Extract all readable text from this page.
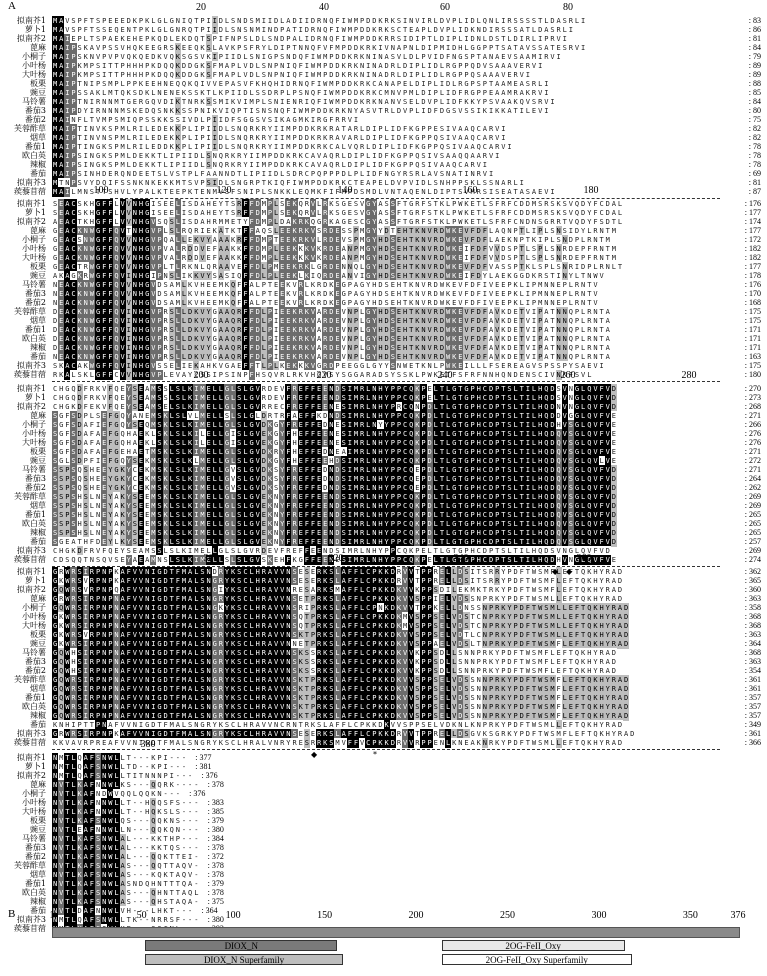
A	20	40	60	80
拟南芥1 M A V S P F T S P E E E D K P K L G L G N I Q T P I I D L S N D S M I I D L A D I I D R N Q F I W M P D D K R K S I N V I R L D V P L I D L Q N L I R S S S S T L D A S R L I	: 83
萝卜1 M A V S P F T S S E Q E N T P K L G L G N R Q T P I I D L S N S N M I N D P A T I D R N Q F I W M P D D K R K S C T E A P L D V P L I D K N D I R S S S A T L D A S R L I	: 86
拟南芥2 M A I E P L T S P A E K E H E P K Q D L E K D Q T S P I F N P S L D L S N D P A L I D R N Q F I W M P D D K R R S I D I P T L D I P L I D N L D S T L D I R L I P R V I	: 81
蓖麻 M A I P S K A V P S S V H Q K E E G R S K E E Q K S L A V K P S F R Y L D I P T N N Q F V F M P D D K R K I V N A P N L D I P M I D H L G G P P T S A T A V S S A T E S R V I	: 84
小桐子 M A I P S K N V P V P V Q K Q E D K V Q K S G S V K I P I I D L S N I G P S N D Q F I W M P D D K R K N I N A S V L D L P V I D F N G S P T A N A E V S A A M I R V I	: 79
小叶杨 M A I P K M P S I T T P H H H P K D Q Q K D D G K S F M A P L V D L S N P N I Q F I W M P D D K R K N I N A D R L D I P L I D L R G P P Q D V S A A A V E R V I	: 89
大叶杨 M A I P K M P S I T T P H H H P K D Q Q K D D G K S F M A P L V D L S N P N I Q F I W M P D D K R K N I N A D R L D I P L I D L R G P P Q S A A A V E R V I	: 89
板栗 M A I P T N I P S M P L P P K E E H N E Q Q K Q I V V E P A S V F K H Q H I D R N Q F I W M P D D K R K C A N A P E L D I P L I D L R G P S P T A A M E A S R L I	: 88
豌豆 M A I P S S A K L M T Q K S D K L N E N E K S S K T L K P I I D L S S D R P L P S N Q F I W M P D D K R K C M N V P M L D I P L I D F R G P P E A A M R A K R V I	: 85
马铃薯 M A I P T N I R N N M T G E R G Q V D I K T N R K S S M I K V I M P L S N I E N R I Q F I W M P D D K R K N A N V S E L D V P L I D F K K Y P S V A A K Q V S R V I	: 84
番茄3 M A I P D Y I R N N N M S K E D Q S N K K S S P N I K V I Q P T I S N S N Q F I W M P D D K R K N Y A S V T R L D V P L I D F D G S V S S I K I K K A T I L E V I	: 80
番茄2 M A I N F L T V M P S M I Q P S S K K S S I V D L P I I D F S G G S V S I K A G M K I R G F R R V I	: 75
芙蓉酢草 M A I P T I N V K S P M L R I L E D E K K P L I P I I D L S N Q R K R Y I I M P D D K R K R A T A R L D I P L I D F K G P P E S I V A A Q C A R V I	: 82
烟草 M A I P T I N V N S P M L R I L E D E K K P L I P I I D L S N Q R K R Y I I M P D D K R K R A V A R L D I P L I D F K G P P Q S I V A A Q C A R V I	: 82
番茄1 M A I P T I N G K S P M L R I L E D D K K P L I P I I D L S N Q R K R Y I I M P D D K R K C A L V Q R L D I P L I D F K G P P Q S I V A A Q C A R V I	: 78
欧白英 M A I P S I N G K S P M L D E K K T L I P I I D L S N Q R K R Y I I M P D D K R K C A V A Q R L D I P L I D F K G P P Q S I V S A A Q Q A A R V I	: 78
辣椒 M A I P S I N G K S P M L D E K K T L I P I I D L S N Q R K R Y I I M P D D K R K C A V A Q R L D I P L I D F K G P P Q S I V A A Q C A R V I	: 78
番茄 M A I P S I N H D E R Q N D E E T S L V S T P L F A A N N D T L I P I I D L S D R C P Q P P P D L P L I D F N G Y R S R L A V S N A T I N R V I	: 69
拟南芥3 M T N P S V Y D Q I F S S N K N K E K K M T S V P S I D L S N G R P T K I Q F I W M P D D K R K C T E A P E L D V P V I D L S N H P P S K L S S N A R L I	: 81
蒺藜苜蓿 M A I L M N S T T S H V L Y P A L K T E E P K T E N M V S F S N I P L S N K K L E Q M K F I F M P D S M D L V N T A Q E N L D I P T S V M R S I S E A T A S A E V I	: 87
100	120	140	160	180
拟南芥1 S E A C S K H G F F L V V N H G I S E E L I S D A H E Y T S R F F D M P L S E K Q R V L R K S G E S V G Y A S S F T G R F S T K L P W K E T L S F R F C D D M S R S K S V Q D Y F C D A L	: 176
萝卜1 S E A C S K H G F F L V V N H G I S E E L I S D A H E Y T S R F F D M P L S E K Q R V L R K S G E S V G Y A S S F T G R F S T K L P W K E T L S F R F C D D M S R S K S V Q D Y F C D A L	: 177
拟南芥2 A E A C T K H G F F L V V N H G V S Q S L I S D A H R M M E T Y F D M P L D A K R K Q G R K A G E S C G Y A S S F T G R F S T K L P W K E T L S F R F C N D N S G R R T V Q D Y F S D T L	: 174
蓖麻 G E A C K N W G F F Q V T N H G V P L S L R Q R I E K A T K T F F A Q S L E E K R K V S R D E S S P M G Y Y D T E H T K N V R D W K E V F D F L A Q N P T L I P L S N S I D Y L R N T M	: 177
小桐子 G E A C S N W G F F Q V V N H G V P Q A L L E K V Y A A A K R F F D M P T E E K R K V L R D E V S P M G Y H D S E H T K N V R D W K E V F D F L A E K N P T K I P L S N D P L R N T M	: 172
小叶杨 G E A C K N W G F F Q V V N H G V P V A L R D D V E F A A K K F F D M P L E E K K K V K R D E A N P M G Y H D S E H T K N V R D W K E I F D F V V D S P T L S P L S N R D E P F R N T M	: 182
大叶杨 G E A C K N W G F F Q V V N H G V P V A L R D D V E F A A K K F F D M P L E E K K K V K R D E A N P M G Y H D S E H T K N V R D W K E I F D F V V D S P T L S P L S N R D E P F R N T M	: 182
板栗 G E A C T R W G F F Q V V N H G V P L T L R K N L Q R A A V E F F D L P M E E K R K L G R D E N N Q L G Y H D S E H T K N V R D W K E V F D F V A S S P T K L S P L S N R I D P L R N L T	: 177
豌豆 A K A G K R W G F F Q V I N H G I P N S L I K K V Y S A S I Q F F D L P L E E K L K I Q R D E A N V I G Y H D S E H T K N V R D W K E I F D Y L A E K G G D K R S T I N Y L T N W V	: 178
马铃薯 N E A C K N W G F F Q V V N H G V D S A M L K V H E E M K Q F F A L P T E E K V R L K R D K E G P A G Y H D S E H T K N V R D W K E V F D F I V E E P K L I P M N N E P L R N T V	: 176
番茄3 N E A C K N W G F F Q V V N H G V D S A M L K V H E E M K Q F F A L P T E E K V R L K R D K E G P A G Y H D S E H T K N V R D W K E V F D F I V E E P K L I P M N N E P L R N T V	: 170
番茄2 N E A C K N W G F F Q V V N H G V D S A M L K V H E E M K Q F F A L P T E E K V R L K R D K E G P A G Y H D S E H T K N V R D W K E V F D F I V E E P K L I P M N N E P L R N T V	: 168
芙蓉酢草 D E A C K N W G F F Q V I N H G V P R S L L D K V Y G A A Q R F F D L P I E E K R K V A R D E V N P L G Y H D S E H T K N V R D W K E V F D F A V K D E T V I P A T N N Q P L R N T A	: 175
烟草 D E A C K N W G F F Q V I N H G V P R S L L D K V Y G A A Q R F F D L P I E E K R K V A R D E V N P L G Y H D S E H T K N V R D W K E V F D F A V K D E T V I P A T N N Q P L R N T A	: 175
番茄1 D E A C K N W G F F Q V I N H G V P R S L L D K V Y G A A Q R F F D L P I E E K R K V A R D E V N P L G Y H D S E H T K N V R D W K E V F D F A V K D E T V I P A T N N Q P L R N T A	: 171
欧白英 D E A C K N W G F F Q V I N H G V P R S L L D K V Y G A A Q R F F D L P I E E K R K V A R D E V N P L G Y H D S E H T K N V R D W K E V F D F A V K D E T V I P A T N N Q P L R N T A	: 171
辣椒 D E A C K N W G F F Q V I N H G V P R S L L D K V Y G A A Q R F F D L P I E E K R K V A R D E V N P L G Y H D S E H T K N V R D W K E V F D F A V K D E T V I P A T N N Q P L R N T A	: 171
番茄 N E A C K N W G F F Q V I N H G V P R S L L D K V Y G A A Q R F F D L P I E E K R K V A R D E V N P L G Y H D S E H T K N V R D W K E V F D F A V K D E T V I P A T N N Q P L R N T A	: 163
拟南芥3 S K A C A K W G F F Q V I N H G V S S E L I E K A H K V G A E F F T L P L K E K K K V G R D P E E G G L G Y Y S N W E T K N L P W K E I L L L F S E R E A G V S P S S P Y S A E V I	: 175
蒺藜苜蓿 R K A L S K L G F F C V V N H G V P L E V A Y C S S I P S I N P F H S Q V R L R K V H G V S Y S G G A R A D S Y S S K L P W K E T F S F R F N N H Q N D E N S C I V N K F S V L	: 180
200	220	240	260	280
拟南芥1 C H G Q D F R K V F Q E Y S E A M S S L S L K I M E L L G L S L G V R D E V F R E F F E E N D S I M R L N H Y P P C Q K P E L T L G T G P H C D P T S L T I L H Q D S V N G L Q V F V D	: 270
萝卜1 C H G Q D F R K V F Q E Y S E A M S S L S L K I M E L L G L S L G V R D E V F R E F F E E N D S I M R L N H Y P P C Q K P E L T L G T G P H C D P T S L T I L H Q D S V N G L Q V F V D	: 273
拟南芥2 C H G K D F E K V F Q E Y S E A M S E L S L K I M E L L G L S L G V R R E C F R E F F E E N E S I M R L N H Y P R C Q N P D L T L G T G P H C D P T S L T I L H Q D N V N G L Q V F V D	: 268
蓖麻 S G F S D P L S E F G Q Y A N E M S K L S L V L M E L L S L S L G L D R T R F A E F F K D N D S I M R L N H Y P P C Q K P D L T L G T G P H C D P T S L T I L H Q D D V G G L Q V F V E	: 271
小桐子 S G F S D A F I E F G Q Y S E Q M S K L S L K I M E L L G L S L G V D K G Y F R E F F E D N E S I M R L N Y Y P P C Q K P D L T L G T G P H C D P T S L T I L H Q D H V S G L Q V F V E	: 266
小叶杨 S G F S D A F A E F G Q H A E K L S K L S L K I L E L L G I S L G V E K G Y F H E F F E E N E S I M R L N H Y P P C Q K P D L T L G T G P H C D P T S L T I L H Q D Q V S G L Q V F V E	: 276
大叶杨 S G F S D A F A E F G Q H A E K L S K L S L K I L E L L G I S L G V E K G Y F H E F F E E N E S I M R L N H Y P P C Q K P D L T L G T G P H C D P T S L T I L H Q D Q V S G L Q V F V E	: 276
板栗 S G F S D A F A E F G E H A E T M S K L S L K I M E L L G L S L G V D K R Y F H E F F E D N E A I M R L N H Y P P C Q K P D L T L G T G P H C D P T S L T I L H Q D Q V S G L Q V F V E	: 271
豌豆 S G L S D P F I E F G Q Y S E K M S K L S L K L M E L L G L S L G V D K G Y F H E F F E E H D S I M R L N H Y P P C Q K P D L T L G T G P H C D P T S L T I L H Q D Q V S G L Q V L V E	: 272
马铃薯 S S P S Q S H E E Y G K Y C E K M S K L S L K I M E L L G V S L G V D K S Y F R E F F E D N D S I M R L N H Y P P C Q E P D L T L G T G P H C D P T S L T I L H Q D Q V S G L Q V F V D	: 271
番茄3 S S P S Q S H E E Y G K Y C E K M S K L S L K I M E L L G V S L G V D K S Y F R E F F E D N D S I M R L N H Y P P C Q E P D L T L G T G P H C D P T S L T I L H Q D Q V S G L Q V F V D	: 264
番茄2 S S P S Q S H E E Y G K Y C E K M S K L S L K I M E L L G V S L G V D K S Y F R E F F E D N D S I M R L N H Y P P C Q E P D L T L G T G P H C D P T S L T I L H Q D Q V S G L Q V F V D	: 262
芙蓉酢草 S S P S H S L N E Y A K Y S E E M S K L S L K I M E L L G L S L G V E K N Y F R E F F E E N D S I M R L N H Y P P C Q K P D L T L G T G P H C D P T S L T I L H Q D Q V S G L Q V F V D	: 269
烟草 S S P S H S L N E Y A K Y S E E M S K L S L K I M E L L G L S L G V E K N Y F R E F F E E N D S I M R L N H Y P P C Q K P D L T L G T G P H C D P T S L T I L H Q D Q V S G L Q V F V D	: 269
番茄1 S S P S H S L N E Y A K Y S E E M S K L S L K I M E L L G L S L G V E K N Y F R E F F E E N D S I M R L N H Y P P C Q K P D L T L G T G P H C D P T S L T I L H Q D Q V S G L Q V F V D	: 265
欧白英 S S P S H S L N E Y A K Y S E E M S K L S L K I M E L L G L S L G V E K N Y F R E F F E E N D S I M R L N H Y P P C Q K P D L T L G T G P H C D P T S L T I L H Q D Q V S G L Q V F V D	: 265
辣椒 S S P S H S L N E Y A K Y S E E M S K L S L K I M E L L G L S L G V E K N Y F R E F F E E N D S I M R L N H Y P P C Q K P D L T L G T G P H C D P T S L T I L H Q D Q V S G L Q V F V D	: 265
番茄 S G E A T H F D E Y L K Y S E E M S K L S L K I M E L L G L S L G V E K N Y F R E F F E E N D S I M R L N H Y P P C Q K P D L T L G T G P H C D P T S L T I L H Q D Q V S G L Q V F V D	: 257
拟南芥3 C H G K D F R V F Q E Y S E A M S S L S L K I M E L L G L S L G V R D E V F R E F F E E N D S I M R L N H Y P P C Q K P E L T L G T G P H C D P T S L T I L H Q D S V N G L Q V F V D	: 269
蒺藜苜蓿 C D S Q Q T N S Q V S E Y A E A M N S L S L K I M E L L S L S L G V S K E H F K G F F E E N E S I M R L N H Y P P C Q K P E L T L G T G P H C D P T S L T I L H Q D H V N G L Q V F V E	: 274
300	320	340	360
拟南芥1 G R W R S I R P N P K A F V V N I G D T F M A L S N D R Y K S C L H R A V V N S E S E R K S L A F F L C P K K D R V V T P P R E L L D S I T S R R Y P D F T W S M F L E F T Q K H Y R A D	: 362
萝卜1 G K W R S V R P N P K A F V V N I G D T F M A L S N G R Y K S C L H R A V V N S E S E R K S L A F F L C P K K D R V V T P P R E L L D S I T S R R Y P D F T W S M F L E F T Q K H Y R A D	: 365
拟南芥2 G Q W R S V R P N P Q A F V V N I G D T F M A L S N G I Y K S C L H R A V V N R E S A R K S M A F F L C P K K D K V V K P P S D I L E K M K T R K Y P D F T W S M F L E F T Q K H Y R A D	: 360
蓖麻 G R W R S I R P N P N A F V V N I G D T F M A L S N G R Y K S C L H R A V V N S E T P R K S L A F F L C P K K D K V V S P P I E L V D S S N P R K Y P D F T W S M L L E F T Q K H Y R A D	: 363
小桐子 G Q W R S I R P N P N A F V V N I G D T F M A L S N G K Y K S C L H R A V V N S R I P R K S L A F F L C P N K D K V V T P P K E L L D N S S N P R K Y P D F T W S M L L E F T Q K H Y R A D	: 358
小叶杨 G K W R S I R P N P N A F V V N I G D T F M A L S N G R Y K S C L H R A V V N S Q T P R K S L A F F L C P K K D K M V S P P S E L V D S T C N P R K Y P D F T W S M L L E F T Q K H Y R A D	: 368
大叶杨 G K W R S I R P N P N A F V V N I G D T F M A L S N G R Y K S C L H R A V V N S Q T P R K S L A F F L C P K K D K M V S P P S E L V D S T C N P R K Y P D F T W S M L L E F T Q K H Y R A D	: 368
板栗 G K W R S V R P N P N A F V V N I G D T F M A L S N G R Y K S C L H R A V V N S K T P R K S L A F F L C P K K D K V V S P P S E L V D T L C N P R K Y P D F T W S M L L E F T Q K H Y R A D	: 363
豌豆 G K W R S I R P N P N A F V V N I G D T F M A L S N G R Y K S C L H R A V V N N E T P R K S L A F F L C P K K D K V V S P P A E L V D S L T N P R K Y P D F T W S M F L E F T Q K H Y R A D	: 364
马铃薯 G Q W H S I R P N P N A F V V N I G D T F M A L S N G R Y K S C L H R A V V N S K S S R K S L A F F L C P K K D K V V K P P S D L L S N N P R K Y P D F T W S M F L E F T Q K H Y R A D	: 368
番茄3 G Q W H S I R P N P N A F V V N I G D T F M A L S N G R Y K S C L H R A V V N S K S S R K S L A F F L C P K K D K V V K P P S D L L S N N P R K Y P D F T W S M F L E F T Q K H Y R A D	: 363
番茄2 G Q W H S I R P N P N A F V V N I G D T F M A L S N G R Y K S C L H R A V V N S K S S R K S L A F F L C P K K D K V V K P P S D L L S N N P R K Y P D F T W S M F L E F T Q K H Y R A D	: 354
芙蓉酢草 G Q W R S I R P N P N A F V V N I G D T F M A L S N G R Y K S C L H R A V V N S K T P R K S L A F F L C P K K D K V V S P P S E L V D S S N N P R K Y P D F T W S M F L E F T Q K H Y R A D	: 361
烟草 G Q W R S I R P N P N A F V V N I G D T F M A L S N G R Y K S C L H R A V V N S K T P R K S L A F F L C P K K D K V V S P P S E L V D S S N N P R K Y P D F T W S M F L E F T Q K H Y R A D	: 361
番茄1 G Q W R S I R P N P N A F V V N I G D T F M A L S N G R Y K S C L H R A V V N S K T P R K S L A F F L C P K K D K V V S P P S E L V D S S N N P R K Y P D F T W S M F L E F T Q K H Y R A D	: 357
欧白英 G Q W R S I R P N P N A F V V N I G D T F M A L S N G R Y K S C L H R A V V N S K T P R K S L A F F L C P K K D K V V S P P S E L V D S S N N P R K Y P D F T W S M F L E F T Q K H Y R A D	: 357
辣椒 G Q W R S I R P N P N A F V V N I G D T F M A L S N G R Y K S C L H R A V V N S K T P R K S L A F F L C P K K D K V V S P P S E L V D S S N N P R K Y P D F T W S M F L E F T Q K H Y R A D	: 357
番茄 K N H I P T T P N A F V V N I G D T F M A L S N G R Y K S C L H R A V V N C R N T R K S L A F F L C P K K D K V V S P P S E L V D K N L K N P R K Y P D F T W S M L L E F T Q K H Y R A D	: 349
拟南芥3 G R W R S I R P N P K A F V V N I G D T F M A L S N G R Y K S C L H R A V V N S E S E R K S L A F F L C P K K D R V V T P P R E L L D S G V K S G R K Y P D F T W S M F L E F T Q K H Y R A D	: 361
蒺藜苜蓿 K K V A V R P R E A F V V N I G D T F M A L S N G R Y K S C L H R A L V N R Y R E S R R K S M V F F V C P K K D R V V R P P E N L K N E A K N R K Y P D F T W S M L L E F T Q K H Y R A D	: 366
380
拟南芥1 N M T L Q A F S N W L L T - - - K P I - - - : 377
萝卜1 N M T L Q A F S N W L L T D - - K P I - - - : 381
拟南芥2 N M T L Q A F S N W L L T I T N N N P I - - - : 376
蓖麻 N V T L K A F N N W L K S - - - Q Q R K - - - - : 378
小桐子 N V T L K A F N D W V Q Q L Q Q K N - - - : 376
小叶杨 N V T L K A F N N W L L T - - H Q Q S F S - - - : 383
大叶杨 N V T L K A F N N W L L T - - H Q K S L S - - - : 385
板栗 N V T L K A F S N W L Q S - - - Q Q K N S - - - : 379
豌豆 N V T L E A F N N W L L N - - - Q Q K Q N - - - : 380
马铃薯 N V T L K A F S N W L A L - - - K K T H P - - - : 384
番茄3 N V T L K A F S N W L A L - - - K K T Q S - - - : 378
番茄2 N V T L K A F S N W L A L - - - Q Q K T T E I - : 372
芙蓉酢草 N V T L K A F S N W L A S - - - Q Q T T A Q V - : 378
烟草 N V T L K A F S N W L A S - - - K Q K T A Q V - : 378
番茄1 N V T L K A F S N W L A S N D Q H N T T T Q A - : 379
欧白英 N V T L K A F S N W L A S - - - Q H N T T A Q L : 378
辣椒 N V T L K A F S N W L A S - - - Q H S T A Q A - : 375
番茄 N V T L D A F N N W L V H - - - L H K T - - - : 364
拟南芥3 N M T L Q A F S N W L L T K - - N R R S F - - - : 380
蒺藜苜蓿
◆ ◆
◆	*
B	1	50	100	150	200	250	300	350	376
DIOX_N
DIOX_N Superfamily
2OG-FeII_Oxy
2OG-FeII_Oxy Superfamily
